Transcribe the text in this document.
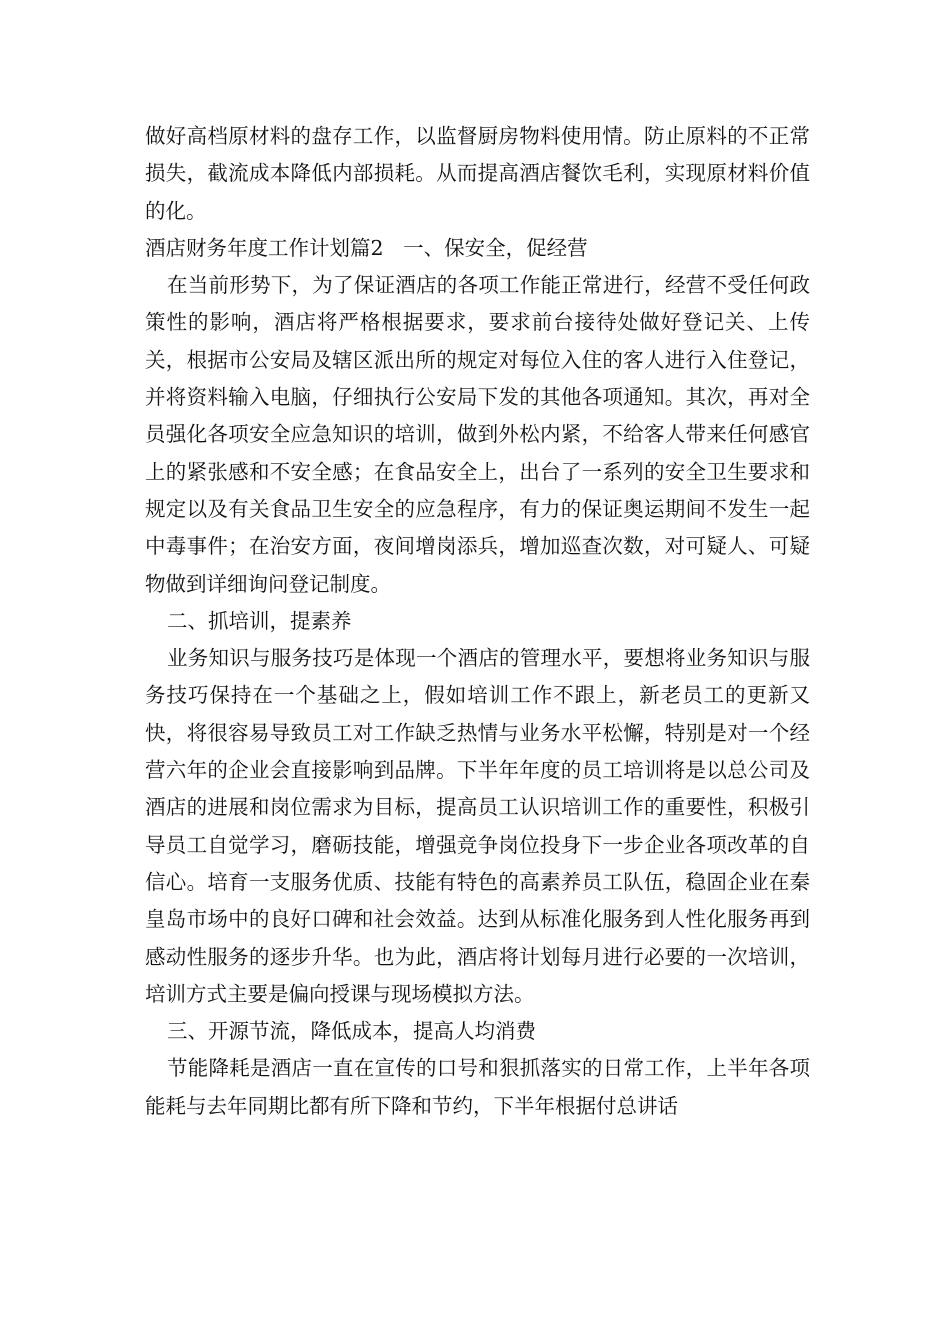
做好高档原材料的盘存工作，以监督厨房物料使用情。防止原料的不正常损失，截流成本降低内部损耗。从而提高酒店餐饮毛利，实现原材料价值的化。

酒店财务年度工作计划篇2 一、保安全，促经营

在当前形势下，为了保证酒店的各项工作能正常进行，经营不受任何政策性的影响，酒店将严格根据要求，要求前台接待处做好登记关、上传关，根据市公安局及辖区派出所的规定对每位入住的客人进行入住登记，并将资料输入电脑，仔细执行公安局下发的其他各项通知。其次，再对全员强化各项安全应急知识的培训，做到外松内紧，不给客人带来任何感官上的紧张感和不安全感；在食品安全上，出台了一系列的安全卫生要求和规定以及有关食品卫生安全的应急程序，有力的保证奥运期间不发生一起中毒事件；在治安方面，夜间增岗添兵，增加巡查次数，对可疑人、可疑物做到详细询问登记制度。

二、抓培训，提素养

业务知识与服务技巧是体现一个酒店的管理水平，要想将业务知识与服务技巧保持在一个基础之上，假如培训工作不跟上，新老员工的更新又快，将很容易导致员工对工作缺乏热情与业务水平松懈，特别是对一个经营六年的企业会直接影响到品牌。下半年年度的员工培训将是以总公司及酒店的进展和岗位需求为目标，提高员工认识培训工作的重要性，积极引导员工自觉学习，磨砺技能，增强竞争岗位投身下一步企业各项改革的自信心。培育一支服务优质、技能有特色的高素养员工队伍，稳固企业在秦皇岛市场中的良好口碑和社会效益。达到从标准化服务到人性化服务再到感动性服务的逐步升华。也为此，酒店将计划每月进行必要的一次培训，培训方式主要是偏向授课与现场模拟方法。

三、开源节流，降低成本，提高人均消费

节能降耗是酒店一直在宣传的口号和狠抓落实的日常工作，上半年各项能耗与去年同期比都有所下降和节约，下半年根据付总讲话
